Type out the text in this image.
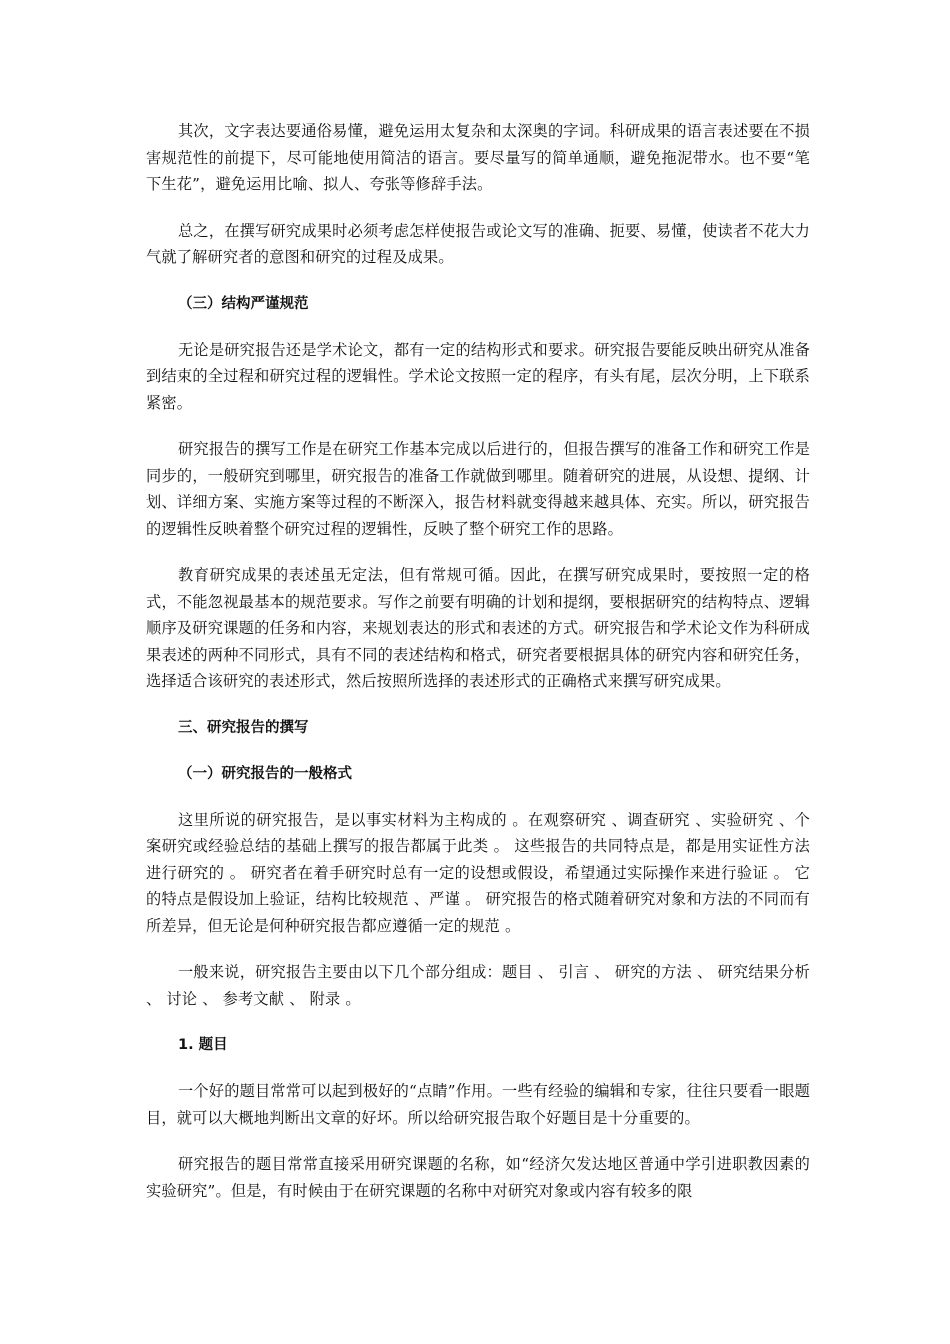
其次，文字表达要通俗易懂，避免运用太复杂和太深奥的字词。科研成果的语言表述要在不损害规范性的前提下，尽可能地使用简洁的语言。要尽量写的简单通顺，避免拖泥带水。也不要“笔下生花”，避免运用比喻、拟人、夸张等修辞手法。

总之，在撰写研究成果时必须考虑怎样使报告或论文写的准确、扼要、易懂，使读者不花大力气就了解研究者的意图和研究的过程及成果。

（三）结构严谨规范

无论是研究报告还是学术论文，都有一定的结构形式和要求。研究报告要能反映出研究从准备到结束的全过程和研究过程的逻辑性。学术论文按照一定的程序，有头有尾，层次分明，上下联系紧密。

研究报告的撰写工作是在研究工作基本完成以后进行的，但报告撰写的准备工作和研究工作是同步的，一般研究到哪里，研究报告的准备工作就做到哪里。随着研究的进展，从设想、提纲、计划、详细方案、实施方案等过程的不断深入，报告材料就变得越来越具体、充实。所以，研究报告的逻辑性反映着整个研究过程的逻辑性，反映了整个研究工作的思路。

教育研究成果的表述虽无定法，但有常规可循。因此，在撰写研究成果时，要按照一定的格式，不能忽视最基本的规范要求。写作之前要有明确的计划和提纲，要根据研究的结构特点、逻辑顺序及研究课题的任务和内容，来规划表达的形式和表述的方式。研究报告和学术论文作为科研成果表述的两种不同形式，具有不同的表述结构和格式，研究者要根据具体的研究内容和研究任务，选择适合该研究的表述形式，然后按照所选择的表述形式的正确格式来撰写研究成果。

三、研究报告的撰写
（一）研究报告的一般格式

这里所说的研究报告，是以事实材料为主构成的 。在观察研究 、调查研究 、实验研究 、个案研究或经验总结的基础上撰写的报告都属于此类 。 这些报告的共同特点是，都是用实证性方法进行研究的 。 研究者在着手研究时总有一定的设想或假设，希望通过实际操作来进行验证 。 它的特点是假设加上验证，结构比较规范 、严谨 。 研究报告的格式随着研究对象和方法的不同而有所差异，但无论是何种研究报告都应遵循一定的规范 。

一般来说，研究报告主要由以下几个部分组成：题目 、 引言 、 研究的方法 、 研究结果分析 、 讨论 、 参考文献 、 附录 。

1. 题目

一个好的题目常常可以起到极好的“点睛”作用。一些有经验的编辑和专家，往往只要看一眼题目，就可以大概地判断出文章的好坏。所以给研究报告取个好题目是十分重要的。

研究报告的题目常常直接采用研究课题的名称，如“经济欠发达地区普通中学引进职教因素的实验研究”。但是，有时候由于在研究课题的名称中对研究对象或内容有较多的限
